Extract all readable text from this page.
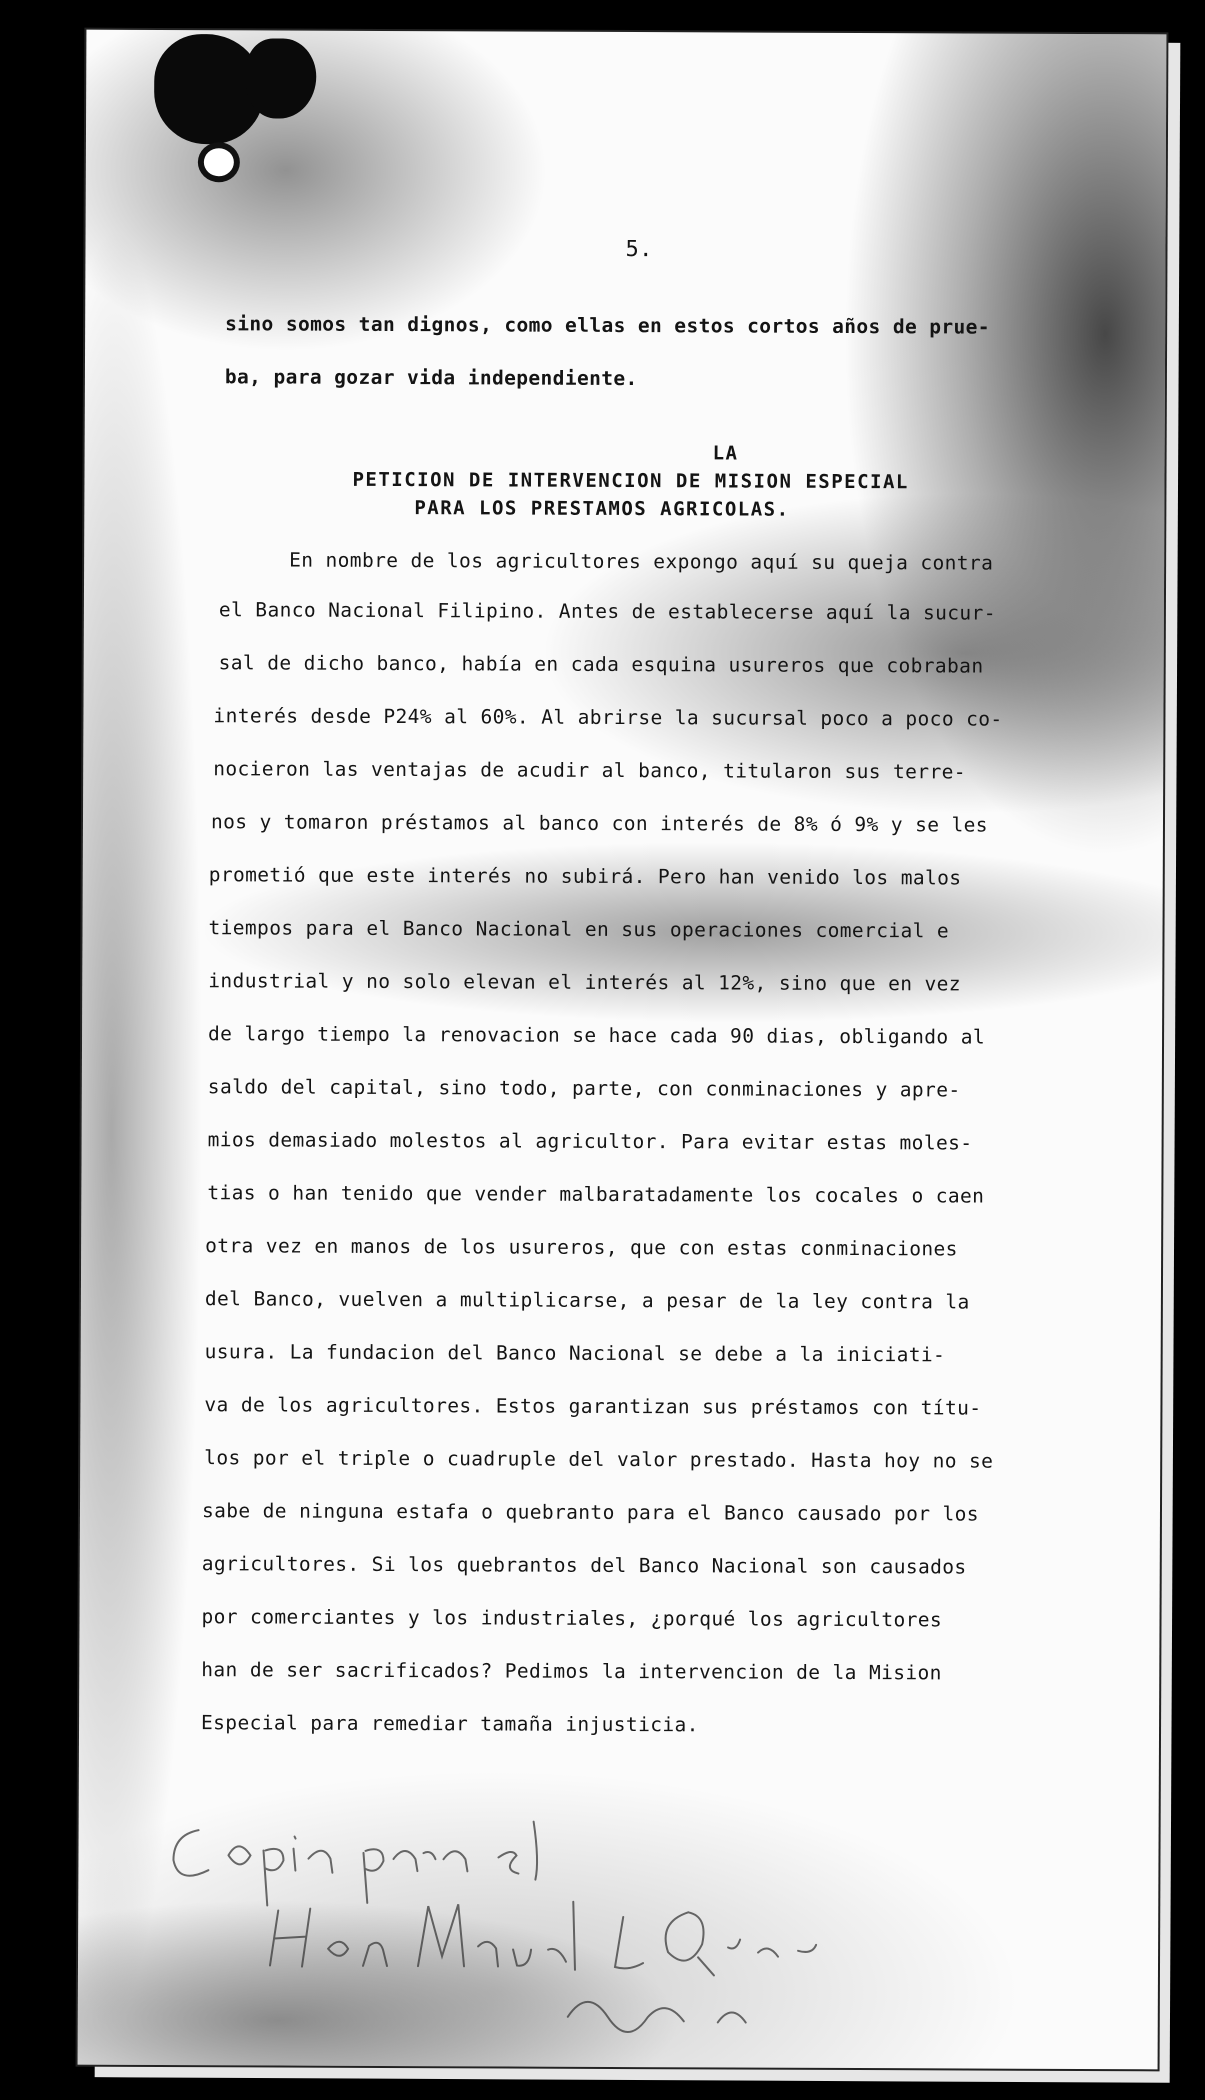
5.
sino somos tan dignos, como ellas en estos cortos años de prue-
ba, para gozar vida independiente.
LA
PETICION DE INTERVENCION DE MISION ESPECIAL
PARA LOS PRESTAMOS AGRICOLAS.
En nombre de los agricultores expongo aquí su queja contra
el Banco Nacional Filipino. Antes de establecerse aquí la sucur-
sal de dicho banco, había en cada esquina usureros que cobraban
interés desde P24% al 60%. Al abrirse la sucursal poco a poco co-
nocieron las ventajas de acudir al banco, titularon sus terre-
nos y tomaron préstamos al banco con interés de 8% ó 9% y se les
prometió que este interés no subirá. Pero han venido los malos
tiempos para el Banco Nacional en sus operaciones comercial e
industrial y no solo elevan el interés al 12%, sino que en vez
de largo tiempo la renovacion se hace cada 90 dias, obligando al
saldo del capital, sino todo, parte, con conminaciones y apre-
mios demasiado molestos al agricultor. Para evitar estas moles-
tias o han tenido que vender malbaratadamente los cocales o caen
otra vez en manos de los usureros, que con estas conminaciones
del Banco, vuelven a multiplicarse, a pesar de la ley contra la
usura. La fundacion del Banco Nacional se debe a la iniciati-
va de los agricultores. Estos garantizan sus préstamos con títu-
los por el triple o cuadruple del valor prestado. Hasta hoy no se
sabe de ninguna estafa o quebranto para el Banco causado por los
agricultores. Si los quebrantos del Banco Nacional son causados
por comerciantes y los industriales, ¿porqué los agricultores
han de ser sacrificados? Pedimos la intervencion de la Mision
Especial para remediar tamaña injusticia.
